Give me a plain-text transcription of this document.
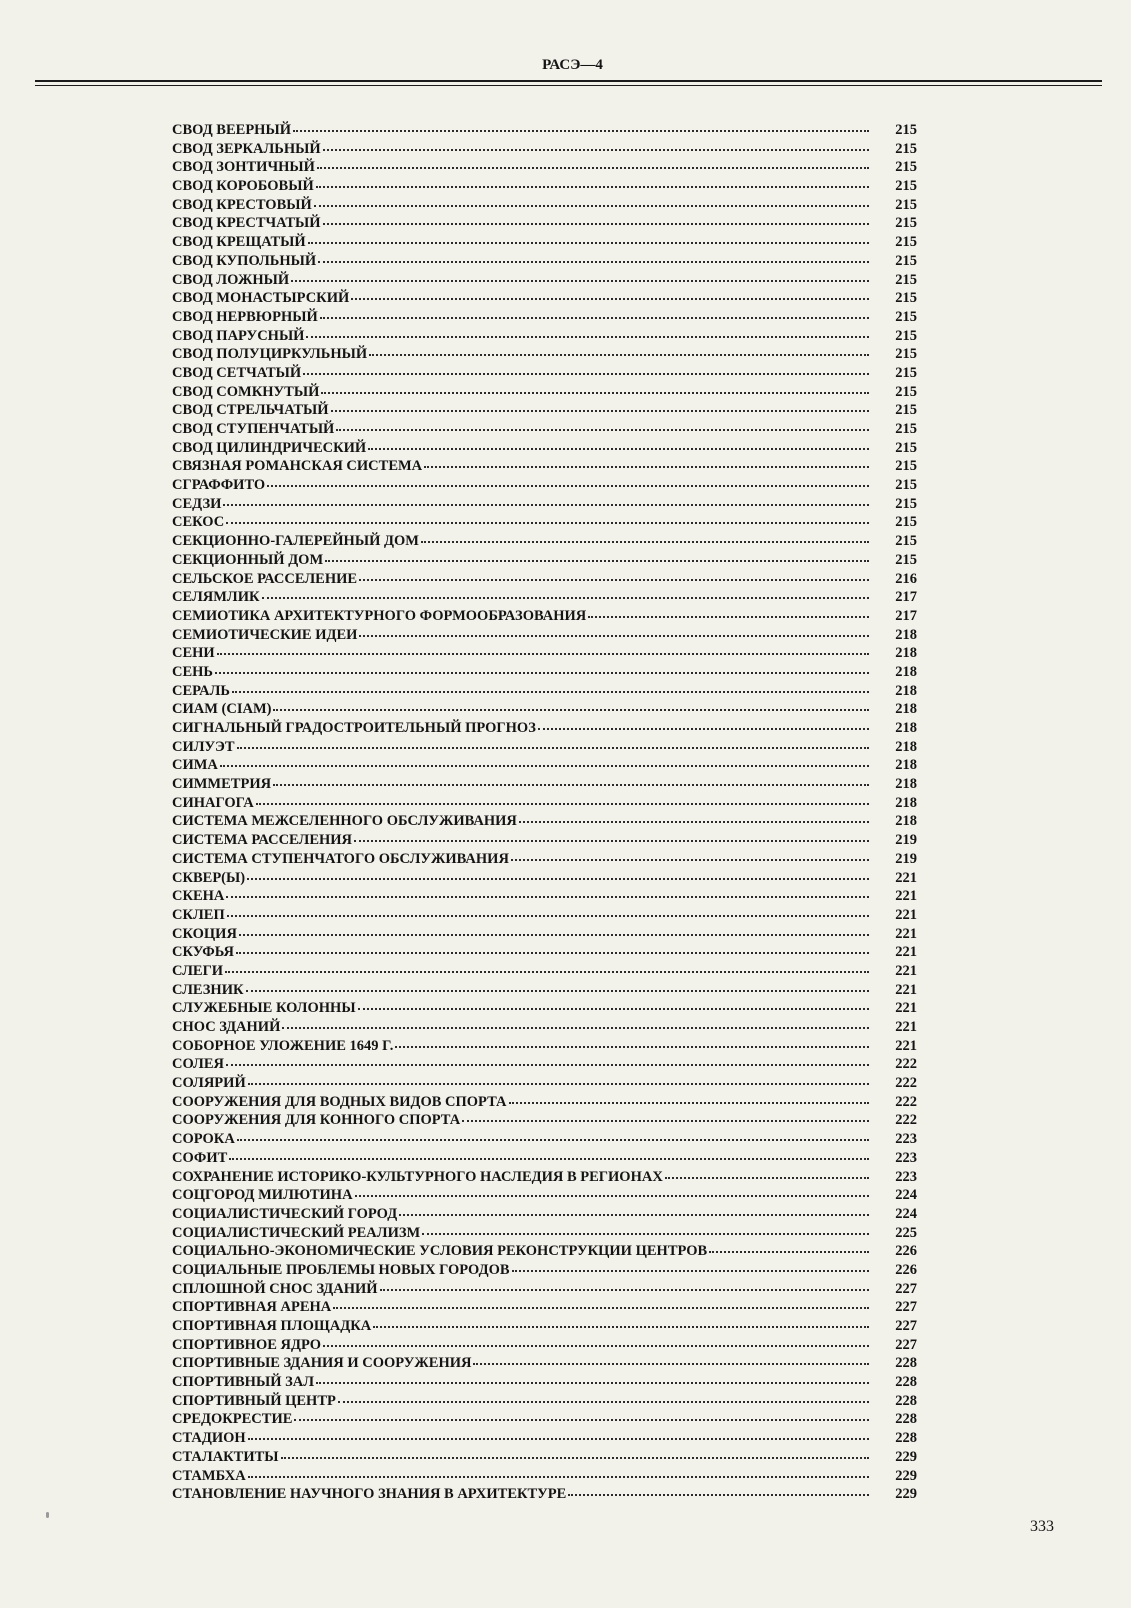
РАСЭ—4
СВОД ВЕЕРНЫЙ	215
СВОД ЗЕРКАЛЬНЫЙ	215
СВОД ЗОНТИЧНЫЙ	215
СВОД КОРОБОВЫЙ	215
СВОД КРЕСТОВЫЙ	215
СВОД КРЕСТЧАТЫЙ	215
СВОД КРЕЩАТЫЙ	215
СВОД КУПОЛЬНЫЙ	215
СВОД ЛОЖНЫЙ	215
СВОД МОНАСТЫРСКИЙ	215
СВОД НЕРВЮРНЫЙ	215
СВОД ПАРУСНЫЙ	215
СВОД ПОЛУЦИРКУЛЬНЫЙ	215
СВОД СЕТЧАТЫЙ	215
СВОД СОМКНУТЫЙ	215
СВОД СТРЕЛЬЧАТЫЙ	215
СВОД СТУПЕНЧАТЫЙ	215
СВОД ЦИЛИНДРИЧЕСКИЙ	215
СВЯЗНАЯ РОМАНСКАЯ СИСТЕМА	215
СГРАФФИТО	215
СЕДЗИ	215
СЕКОС	215
СЕКЦИОННО-ГАЛЕРЕЙНЫЙ ДОМ	215
СЕКЦИОННЫЙ ДОМ	215
СЕЛЬСКОЕ РАССЕЛЕНИЕ	216
СЕЛЯМЛИК	217
СЕМИОТИКА АРХИТЕКТУРНОГО ФОРМООБРАЗОВАНИЯ	217
СЕМИОТИЧЕСКИЕ ИДЕИ	218
СЕНИ	218
СЕНЬ	218
СЕРАЛЬ	218
СИАМ (CIAM)	218
СИГНАЛЬНЫЙ ГРАДОСТРОИТЕЛЬНЫЙ ПРОГНОЗ	218
СИЛУЭТ	218
СИМА	218
СИММЕТРИЯ	218
СИНАГОГА	218
СИСТЕМА МЕЖСЕЛЕННОГО ОБСЛУЖИВАНИЯ	218
СИСТЕМА РАССЕЛЕНИЯ	219
СИСТЕМА СТУПЕНЧАТОГО ОБСЛУЖИВАНИЯ	219
СКВЕР(Ы)	221
СКЕНА	221
СКЛЕП	221
СКОЦИЯ	221
СКУФЬЯ	221
СЛЕГИ	221
СЛЕЗНИК	221
СЛУЖЕБНЫЕ КОЛОННЫ	221
СНОС ЗДАНИЙ	221
СОБОРНОЕ УЛОЖЕНИЕ 1649 Г.	221
СОЛЕЯ	222
СОЛЯРИЙ	222
СООРУЖЕНИЯ ДЛЯ ВОДНЫХ ВИДОВ СПОРТА	222
СООРУЖЕНИЯ ДЛЯ КОННОГО СПОРТА	222
СОРОКА	223
СОФИТ	223
СОХРАНЕНИЕ ИСТОРИКО-КУЛЬТУРНОГО НАСЛЕДИЯ В РЕГИОНАХ	223
СОЦГОРОД МИЛЮТИНА	224
СОЦИАЛИСТИЧЕСКИЙ ГОРОД	224
СОЦИАЛИСТИЧЕСКИЙ РЕАЛИЗМ	225
СОЦИАЛЬНО-ЭКОНОМИЧЕСКИЕ УСЛОВИЯ РЕКОНСТРУКЦИИ ЦЕНТРОВ	226
СОЦИАЛЬНЫЕ ПРОБЛЕМЫ НОВЫХ ГОРОДОВ	226
СПЛОШНОЙ СНОС ЗДАНИЙ	227
СПОРТИВНАЯ АРЕНА	227
СПОРТИВНАЯ ПЛОЩАДКА	227
СПОРТИВНОЕ ЯДРО	227
СПОРТИВНЫЕ ЗДАНИЯ И СООРУЖЕНИЯ	228
СПОРТИВНЫЙ ЗАЛ	228
СПОРТИВНЫЙ ЦЕНТР	228
СРЕДОКРЕСТИЕ	228
СТАДИОН	228
СТАЛАКТИТЫ	229
СТАМБХА	229
СТАНОВЛЕНИЕ НАУЧНОГО ЗНАНИЯ В АРХИТЕКТУРЕ	229
333
